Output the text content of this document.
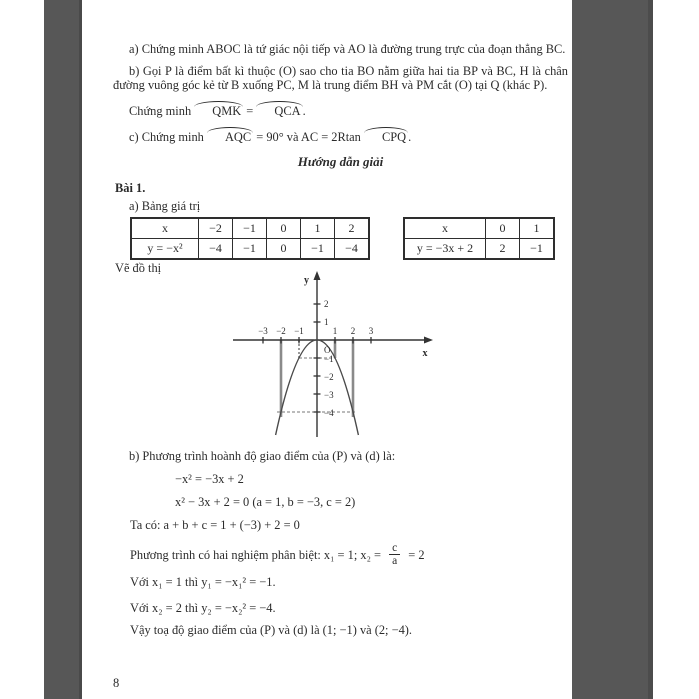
a) Chứng minh ABOC là tứ giác nội tiếp và AO là đường trung trực của đoạn thẳng BC.
b) Gọi P là điểm bất kì thuộc (O) sao cho tia BO nằm giữa hai tia BP và BC, H là chân đường vuông góc kẻ từ B xuống PC, M là trung điểm BH và PM cắt (O) tại Q (khác P).
Chứng minh QMK = QCA .
c) Chứng minh AQC = 90° và AC = 2Rtan CPQ .
Hướng dẫn giải
Bài 1.
a) Bảng giá trị
x	−2	−1	0	1	2
y = −x²	−4	−1	0	−1	−4
x	0	1
y = −3x + 2	2	−1
Vẽ đồ thị
y
x
O
−3 −2 −1	1 2 3
2
1
−1
−2
−3
−4
b) Phương trình hoành độ giao điểm của (P) và (d) là:
−x² = −3x + 2
x² − 3x + 2 = 0 (a = 1, b = −3, c = 2)
Ta có: a + b + c = 1 + (−3) + 2 = 0
Phương trình có hai nghiệm phân biệt: x₁ = 1; $x_2 = \frac{c}{a} = 2$
Với x₁ = 1 thì y₁ = −x₁² = −1.
Với x₂ = 2 thì y₂ = −x₂² = −4.
Vậy toạ độ giao điểm của (P) và (d) là (1; −1) và (2; −4).
8
